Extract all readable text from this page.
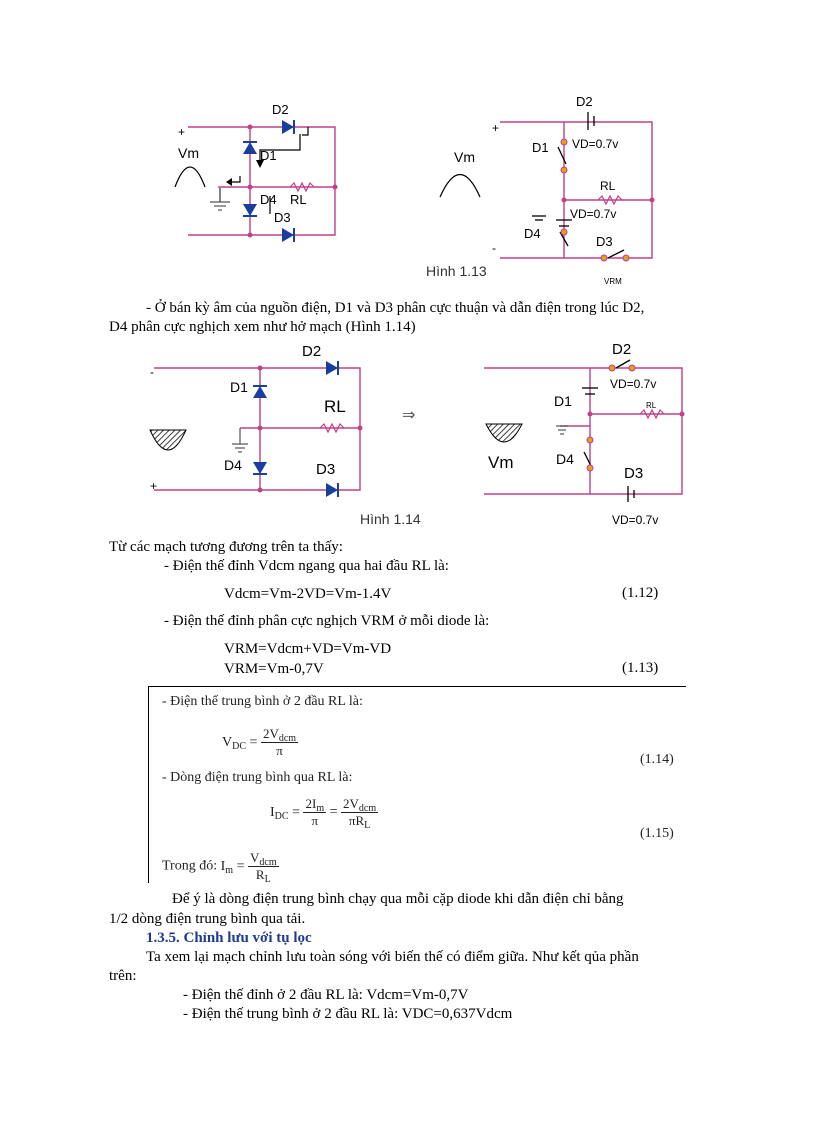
+
Vm	D1
D2
D3
D4 RL
+
-
Vm
D2
D1 VD=0.7v
RL
VD=0.7v
D4
D3
VRM
Hình 1.13
- Ở bán kỳ âm của nguồn điện, D1 và D3 phân cực thuận và dẫn điện trong lúc D2,
D4 phân cực nghịch xem như hở mạch (Hình 1.14)
-
+
D2
D1
RL
D4	D3
⇒
D2
VD=0.7v
D1	RL
Vm	D4
D3
VD=0.7v
Hình 1.14
Từ các mạch tương đương trên ta thấy:
- Điện thế đỉnh Vdcm ngang qua hai đầu RL là:
Vdcm=Vm-2VD=Vm-1.4V	(1.12)
- Điện thế đỉnh phân cực nghịch VRM ở mỗi diode là:
VRM=Vdcm+VD=Vm-VD
VRM=Vm-0,7V	(1.13)
- Điện thế trung bình ở 2 đầu RL là:
$V_{DC} = \frac{2V_{dcm}}{\pi}$
(1.14)
- Dòng điện trung bình qua RL là:
$I_{DC} = \frac{2I_m}{\pi} = \frac{2V_{dcm}}{\pi R_L}$
(1.15)
Trong đó: $I_m = \frac{V_{dcm}}{R_L}$
Để ý là dòng điện trung bình chạy qua mỗi cặp diode khi dẫn điện chỉ bằng
1/2 dòng điện trung bình qua tải.
1.3.5. Chỉnh lưu với tụ lọc
Ta xem lại mạch chỉnh lưu toàn sóng với biến thế có điểm giữa. Như kết qủa phần
trên:
- Điện thế đỉnh ở 2 đầu RL là: Vdcm=Vm-0,7V
- Điện thế trung bình ở 2 đầu RL là: VDC=0,637Vdcm
